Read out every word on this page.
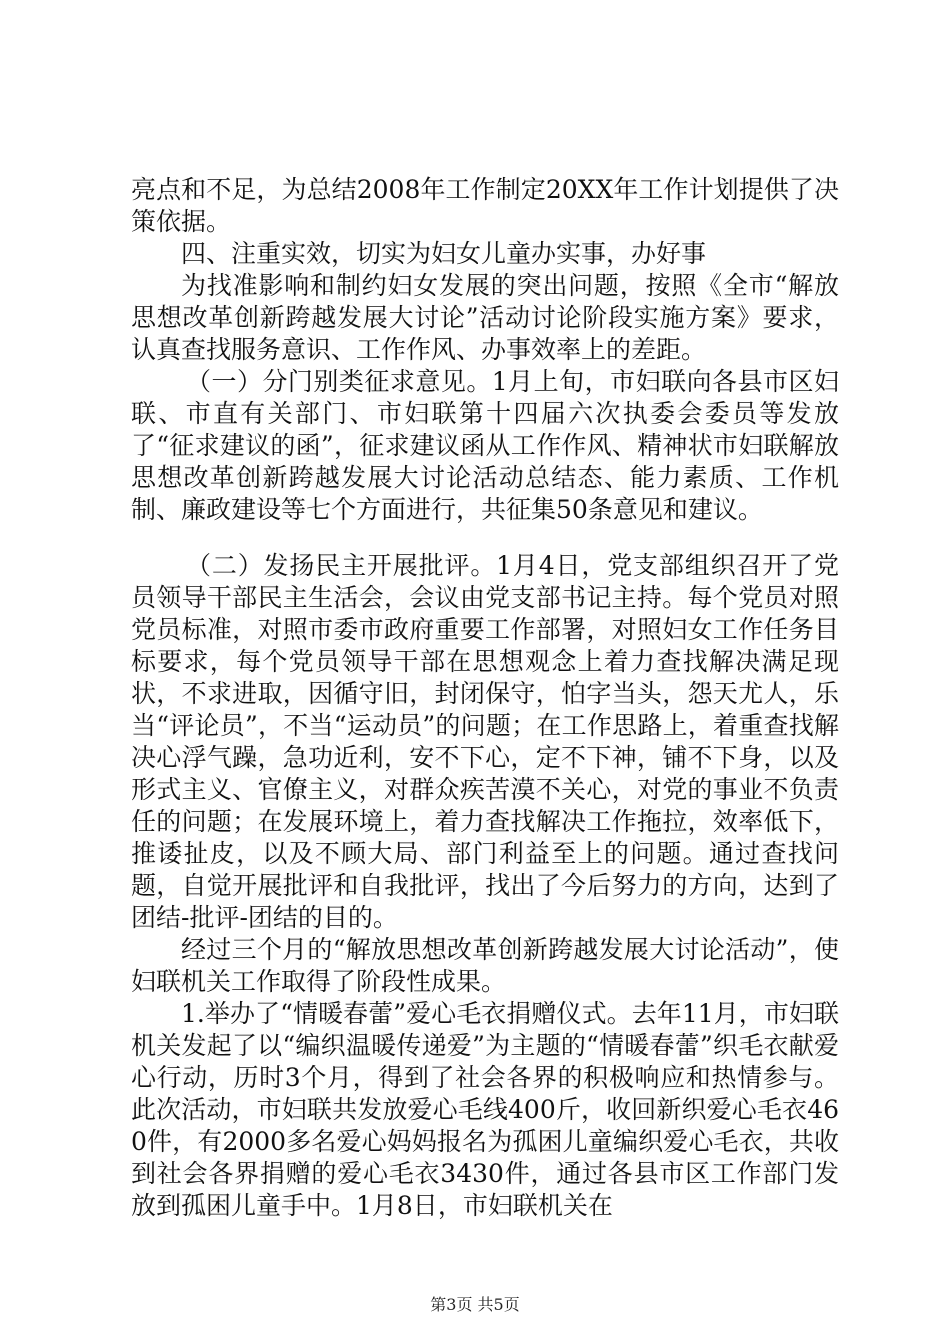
亮点和不足，为总结2008年工作制定20XX年工作计划提供了决策依据。

四、注重实效，切实为妇女儿童办实事，办好事

为找准影响和制约妇女发展的突出问题，按照《全市“解放思想改革创新跨越发展大讨论”活动讨论阶段实施方案》要求，认真查找服务意识、工作作风、办事效率上的差距。

（一）分门别类征求意见。1月上旬，市妇联向各县市区妇联、市直有关部门、市妇联第十四届六次执委会委员等发放了“征求建议的函”，征求建议函从工作作风、精神状市妇联解放思想改革创新跨越发展大讨论活动总结态、能力素质、工作机制、廉政建设等七个方面进行，共征集50条意见和建议。

（二）发扬民主开展批评。1月4日，党支部组织召开了党员领导干部民主生活会，会议由党支部书记主持。每个党员对照党员标准，对照市委市政府重要工作部署，对照妇女工作任务目标要求，每个党员领导干部在思想观念上着力查找解决满足现状，不求进取，因循守旧，封闭保守，怕字当头，怨天尤人，乐当“评论员”，不当“运动员”的问题；在工作思路上，着重查找解决心浮气躁，急功近利，安不下心，定不下神，铺不下身，以及形式主义、官僚主义，对群众疾苦漠不关心，对党的事业不负责任的问题；在发展环境上，着力查找解决工作拖拉，效率低下，推诿扯皮，以及不顾大局、部门利益至上的问题。通过查找问题，自觉开展批评和自我批评，找出了今后努力的方向，达到了团结-批评-团结的目的。

经过三个月的“解放思想改革创新跨越发展大讨论活动”，使妇联机关工作取得了阶段性成果。

1.举办了“情暖春蕾”爱心毛衣捐赠仪式。去年11月，市妇联机关发起了以“编织温暖传递爱”为主题的“情暖春蕾”织毛衣献爱心行动，历时3个月，得到了社会各界的积极响应和热情参与。此次活动，市妇联共发放爱心毛线400斤，收回新织爱心毛衣460件，有2000多名爱心妈妈报名为孤困儿童编织爱心毛衣，共收到社会各界捐赠的爱心毛衣3430件，通过各县市区工作部门发放到孤困儿童手中。1月8日，市妇联机关在

第3页 共5页
